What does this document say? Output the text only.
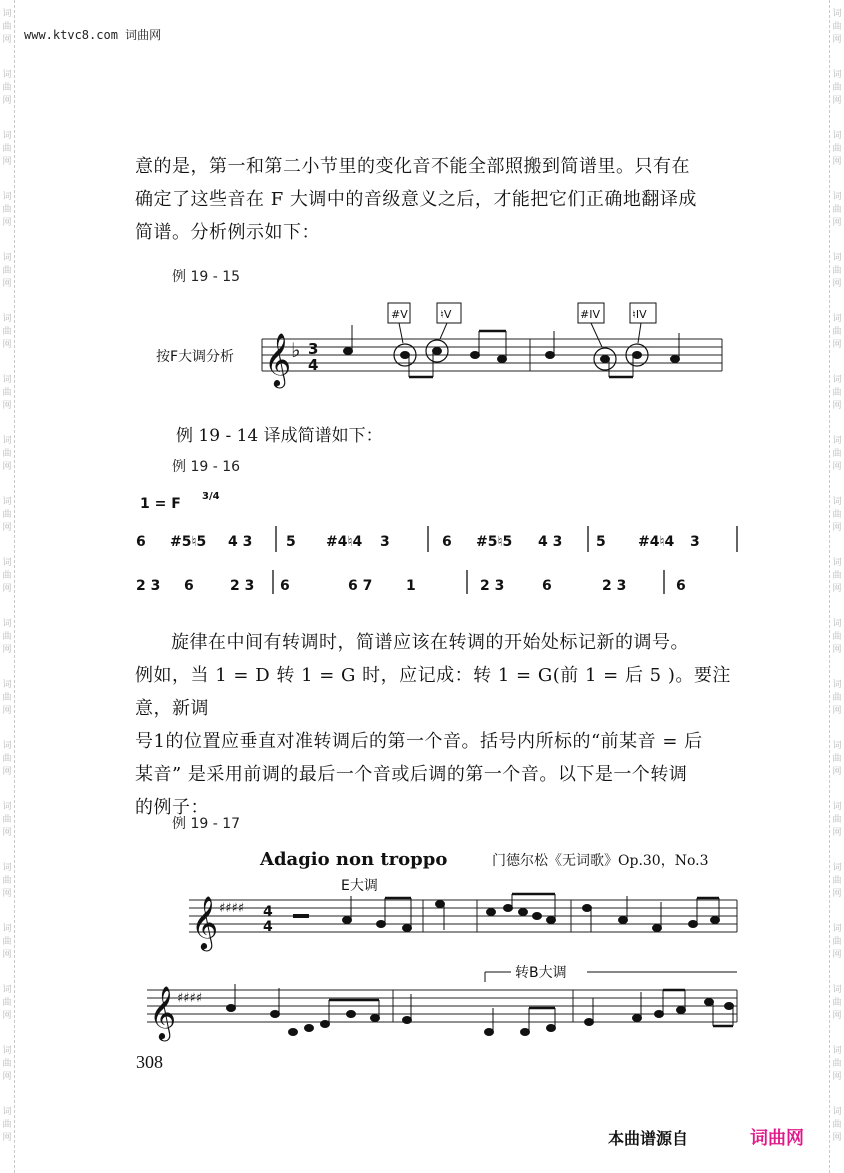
词
曲
网
词
曲
网
词
曲
网
词
曲
网
词
曲
网
词
曲
网
词
曲
网
词
曲
网
词
曲
网
词
曲
网
词
曲
网
词
曲
网
词
曲
网
词
曲
网
词
曲
网
词
曲
网
词
曲
网
词
曲
网
词
曲
网
词
曲
网
词
曲
网
词
曲
网
词
曲
网
词
曲
网
词
曲
网
词
曲
网
词
曲
网
词
曲
网
词
曲
网
词
曲
网
词
曲
网
词
曲
网
词
曲
网
词
曲
网
词
曲
网
词
曲
网
词
曲
网
词
曲
网
www.ktvc8.com 词曲网
意的是，第一和第二小节里的变化音不能全部照搬到简谱里。只有在
确定了这些音在 F 大调中的音级意义之后，才能把它们正确地翻译成
简谱。分析例示如下：
例 19 - 15
按F大调分析 𝄞 ♭ 3
4
#V	♮V	#IV	♮IV
例 19 - 14 译成简谱如下：
例 19 - 16
1 = F 3/4
6 #5♮5 4 3 5 #4♮4 3	6 #5♮5 4 3 5 #4♮4 3
2 3 6	2 3 6	6 7 1	2 3	6	2 3	6
旋律在中间有转调时，简谱应该在转调的开始处标记新的调号。
例如，当 1 = D 转 1 = G 时，应记成：转 1 = G(前 1 = 后 5 )。要注意，新调
号1的位置应垂直对准转调后的第一个音。括号内所标的“前某音 = 后
某音” 是采用前调的最后一个音或后调的第一个音。以下是一个转调
的例子：
例 19 - 17
Adagio non troppo	门德尔松《无词歌》Op.30，No.3
E大调
𝄞 ♯♯♯♯ 4
4
转B大调
𝄞 ♯♯♯♯
308
本曲谱源自	词曲网
